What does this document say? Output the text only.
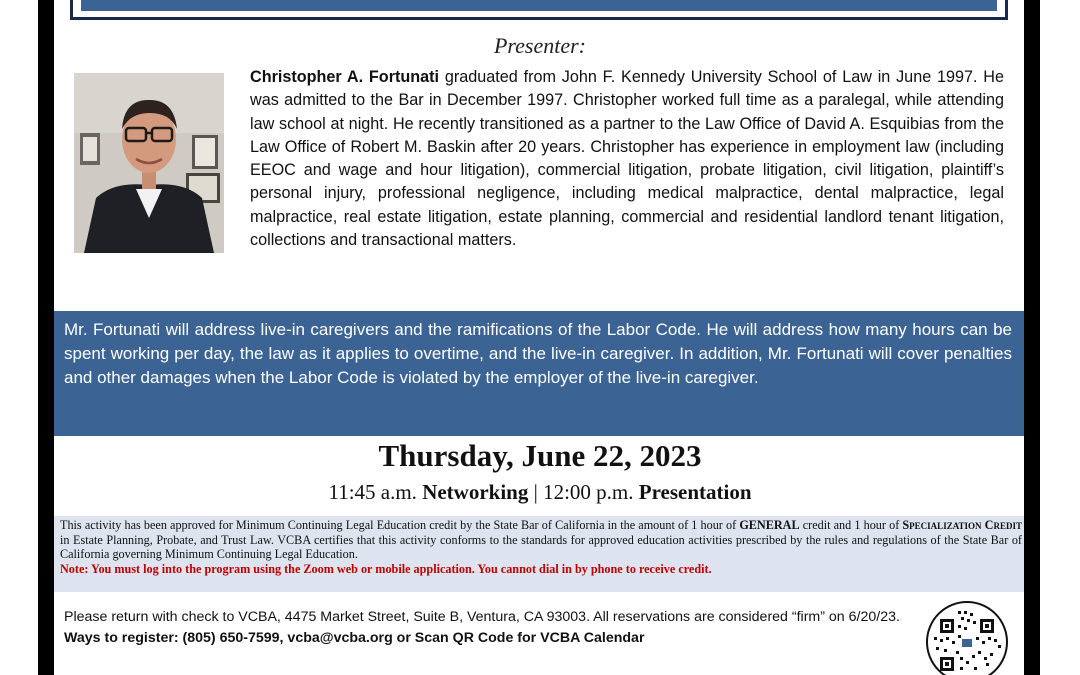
Presenter:
Christopher A. Fortunati graduated from John F. Kennedy University School of Law in June 1997. He was admitted to the Bar in December 1997. Christopher worked full time as a paralegal, while attending law school at night. He recently transitioned as a partner to the Law Office of David A. Esquibias from the Law Office of Robert M. Baskin after 20 years. Christopher has experience in employment law (including EEOC and wage and hour litigation), commercial litigation, probate litigation, civil litigation, plaintiff’s personal injury, professional negligence, including medical malpractice, dental malpractice, legal malpractice, real estate litigation, estate planning, commercial and residential landlord tenant litigation, collections and transactional matters.
Mr. Fortunati will address live-in caregivers and the ramifications of the Labor Code. He will address how many hours can be spent working per day, the law as it applies to overtime, and the live-in caregiver. In addition, Mr. Fortunati will cover penalties and other damages when the Labor Code is violated by the employer of the live-in caregiver.
Thursday, June 22, 2023
11:45 a.m. Networking | 12:00 p.m. Presentation
This activity has been approved for Minimum Continuing Legal Education credit by the State Bar of California in the amount of 1 hour of GENERAL credit and 1 hour of Specialization Credit in Estate Planning, Probate, and Trust Law. VCBA certifies that this activity conforms to the standards for approved education activities prescribed by the rules and regulations of the State Bar of California governing Minimum Continuing Legal Education.
Note: You must log into the program using the Zoom web or mobile application. You cannot dial in by phone to receive credit.
Please return with check to VCBA, 4475 Market Street, Suite B, Ventura, CA 93003. All reservations are considered “firm” on 6/20/23. Ways to register: (805) 650-7599, vcba@vcba.org or Scan QR Code for VCBA Calendar
